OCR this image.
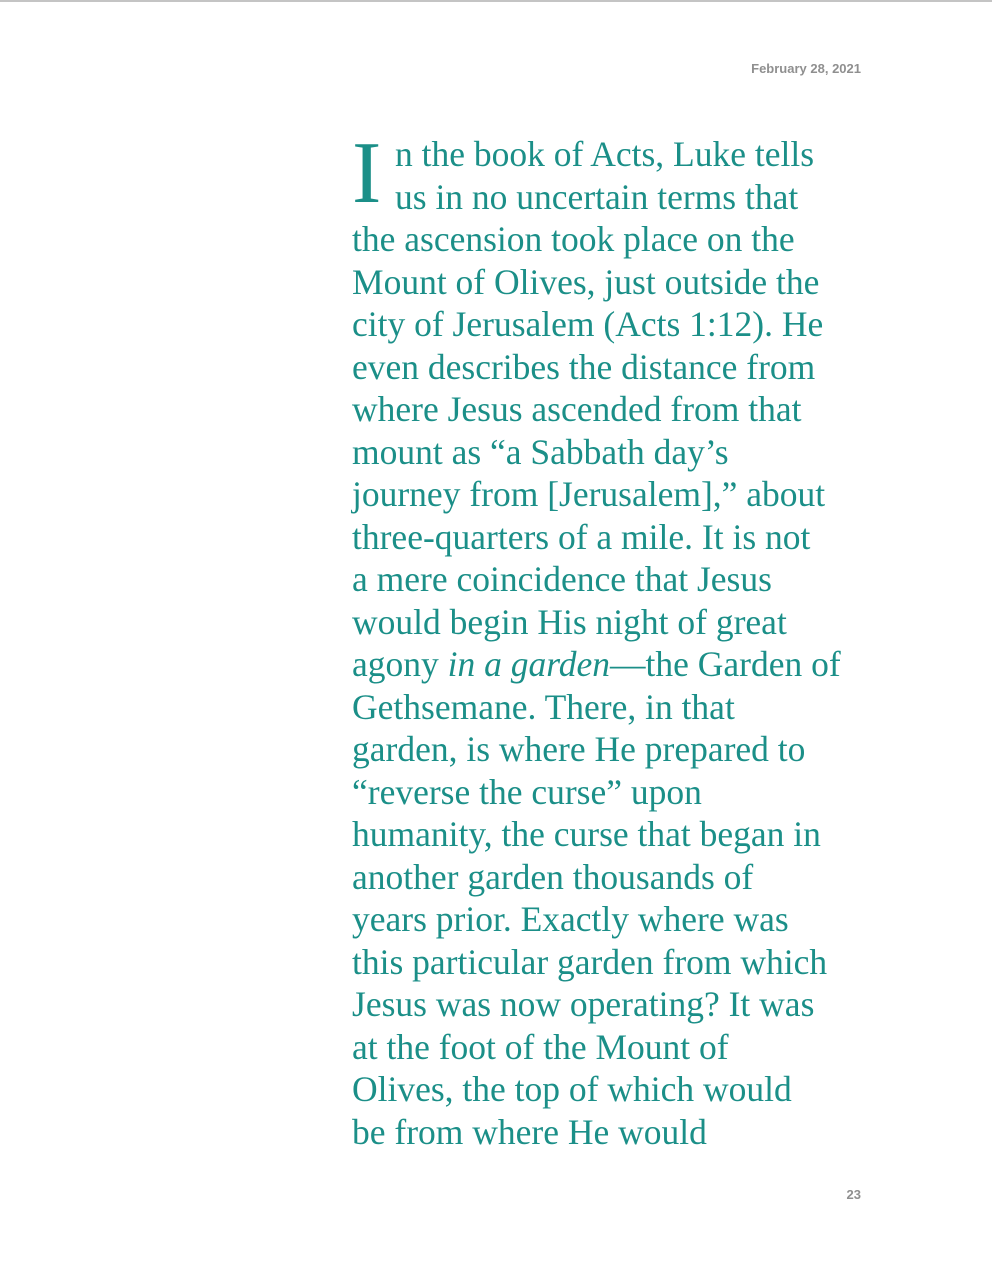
February 28, 2021
I n the book of Acts, Luke tells
us in no uncertain terms that
the ascension took place on the
Mount of Olives, just outside the
city of Jerusalem (Acts 1:12). He
even describes the distance from
where Jesus ascended from that
mount as “a Sabbath day’s
journey from [Jerusalem],” about
three-quarters of a mile. It is not
a mere coincidence that Jesus
would begin His night of great
agony in a garden—the Garden of
Gethsemane. There, in that
garden, is where He prepared to
“reverse the curse” upon
humanity, the curse that began in
another garden thousands of
years prior. Exactly where was
this particular garden from which
Jesus was now operating? It was
at the foot of the Mount of
Olives, the top of which would
be from where He would
23
